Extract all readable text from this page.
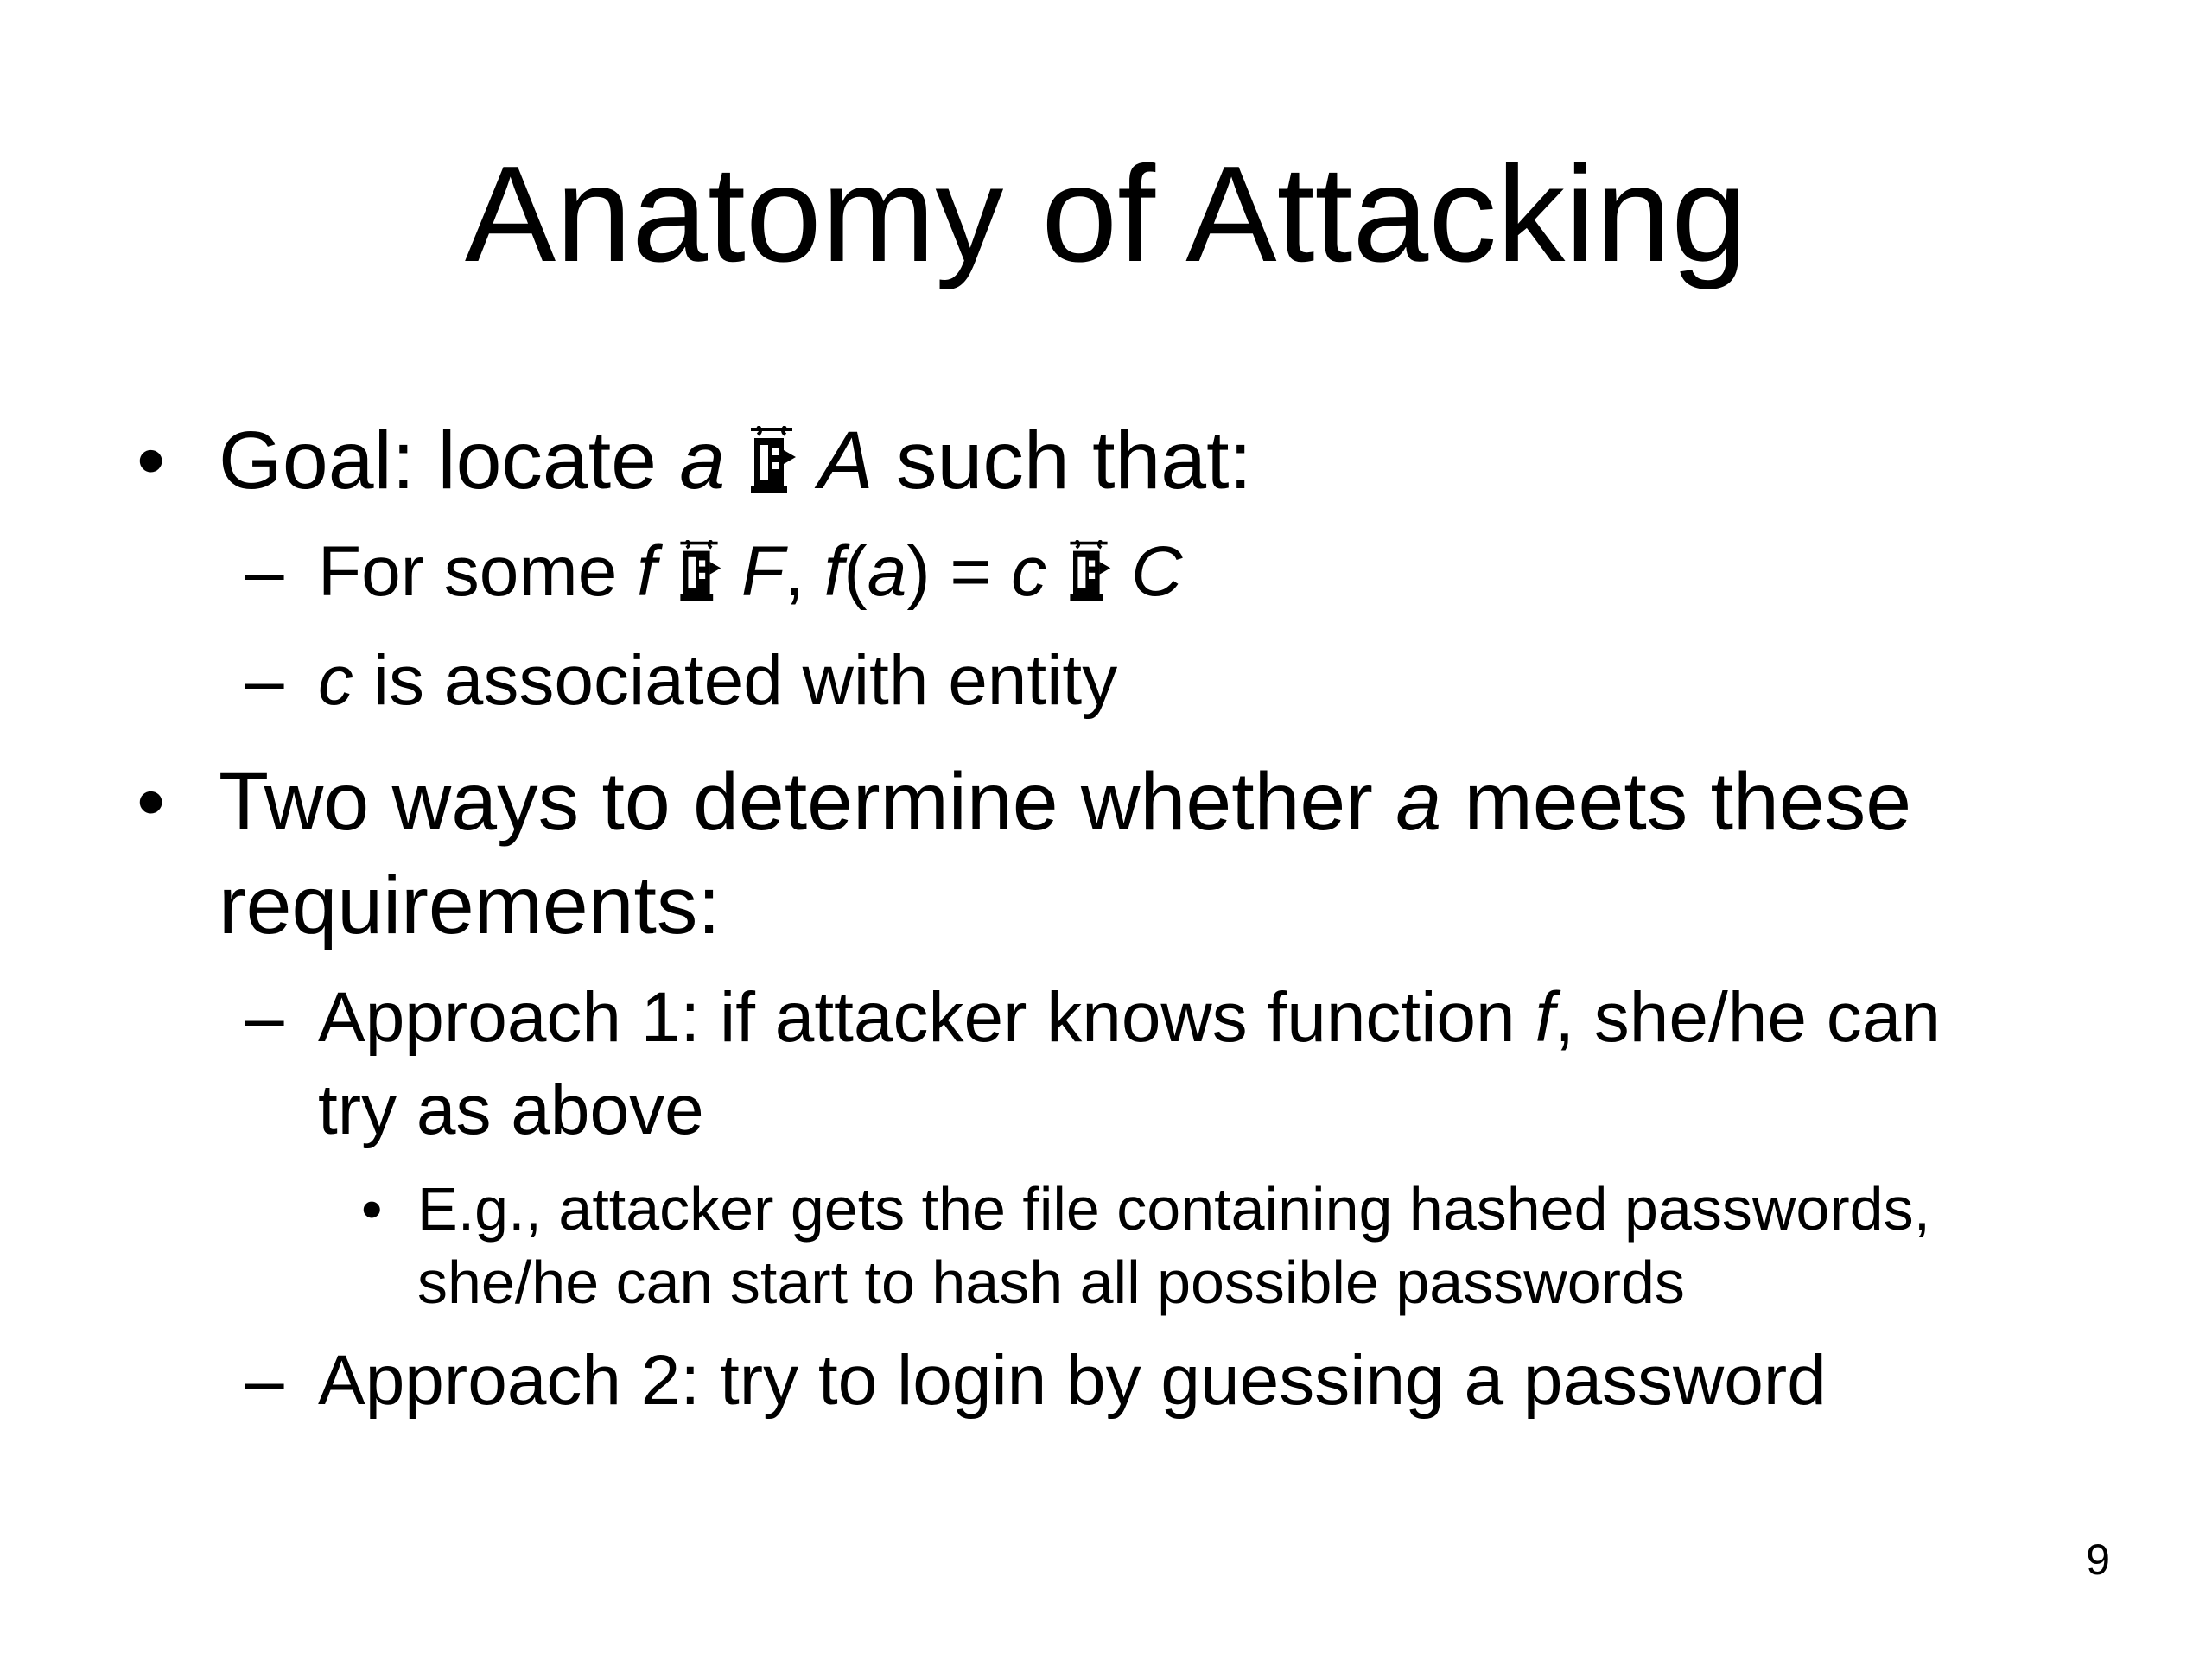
Anatomy of Attacking
• Goal: locate a A such that:
– For some f F, f(a) = c C
– c is associated with entity
• Two ways to determine whether a meets these
requirements:
– Approach 1: if attacker knows function f, she/he can
try as above
• E.g., attacker gets the file containing hashed passwords,
she/he can start to hash all possible passwords
– Approach 2: try to login by guessing a password
9
